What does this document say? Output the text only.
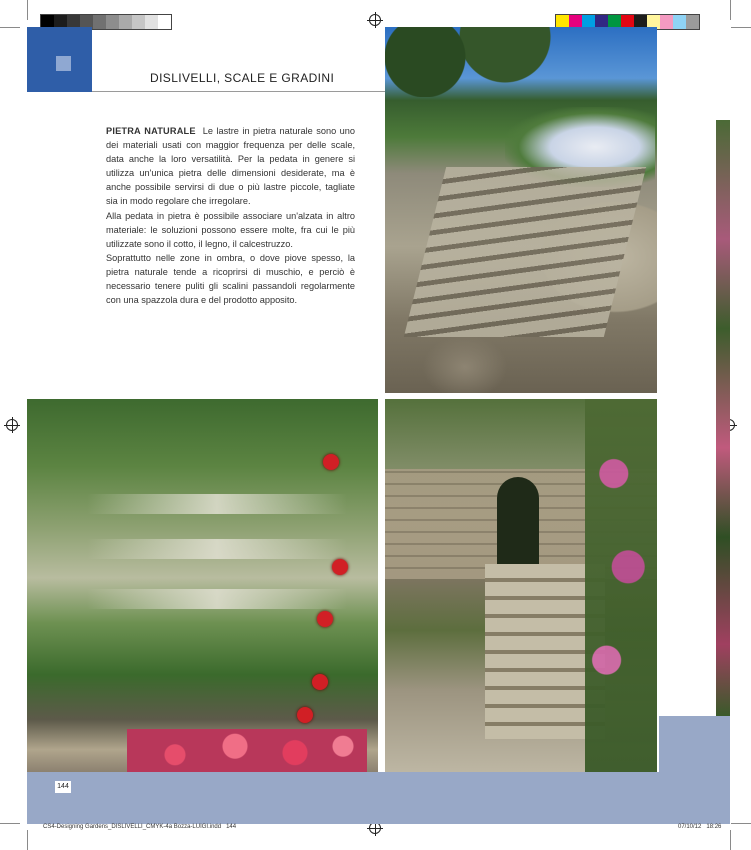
DISLIVELLI, SCALE E GRADINI

PIETRA NATURALE Le lastre in pietra naturale sono uno dei materiali usati con maggior frequenza per delle scale, data anche la loro versatilità. Per la pedata in genere si utilizza un'unica pietra delle dimensioni desiderate, ma è anche possibile servirsi di due o più lastre piccole, tagliate sia in modo regolare che irregolare.

Alla pedata in pietra è possibile associare un'alzata in altro materiale: le soluzioni possono essere molte, fra cui le più utilizzate sono il cotto, il legno, il calcestruzzo.

Soprattutto nelle zone in ombra, o dove piove spesso, la pietra naturale tende a ricoprirsi di muschio, e perciò è necessario tenere puliti gli scalini passandoli regolarmente con una spazzola dura e del prodotto apposito.

144
CS4-Designing Gardens_DISLIVELLI_CMYK-4a Bozza-LUIGI.indd   144	07/10/12   18:26
